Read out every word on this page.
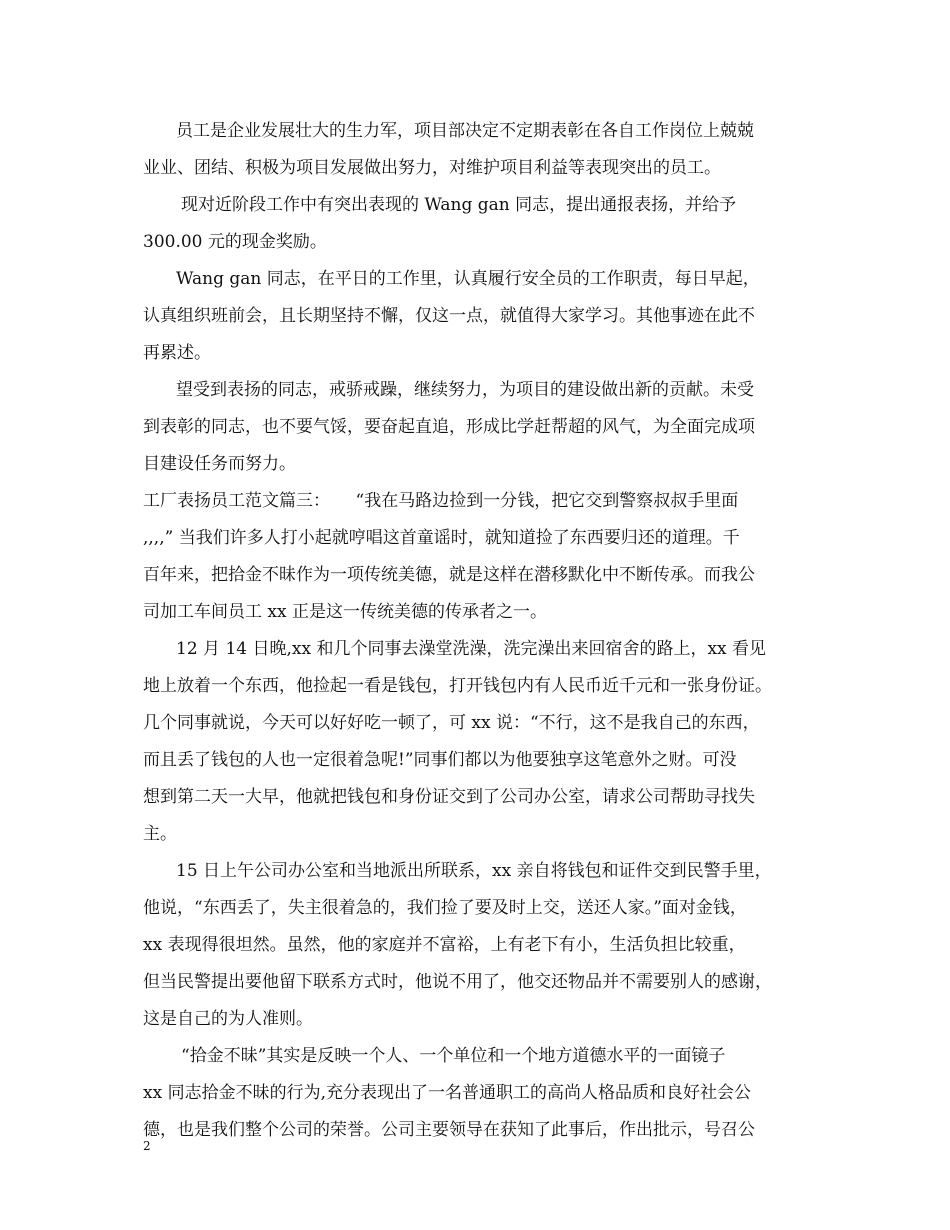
员工是企业发展壮大的生力军，项目部决定不定期表彰在各自工作岗位上兢兢
业业、团结、积极为项目发展做出努力，对维护项目利益等表现突出的员工。
现对近阶段工作中有突出表现的 Wang gan 同志，提出通报表扬，并给予
300.00 元的现金奖励。
Wang gan 同志，在平日的工作里，认真履行安全员的工作职责，每日早起，
认真组织班前会，且长期坚持不懈，仅这一点，就值得大家学习。其他事迹在此不
再累述。
望受到表扬的同志，戒骄戒躁，继续努力，为项目的建设做出新的贡献。未受
到表彰的同志，也不要气馁，要奋起直追，形成比学赶帮超的风气，为全面完成项
目建设任务而努力。
工厂表扬员工范文篇三：　　“我在马路边捡到一分钱，把它交到警察叔叔手里面
,,,,” 当我们许多人打小起就哼唱这首童谣时，就知道捡了东西要归还的道理。千
百年来，把拾金不昧作为一项传统美德，就是这样在潜移默化中不断传承。而我公
司加工车间员工 xx 正是这一传统美德的传承者之一。
12 月 14 日晚,xx 和几个同事去澡堂洗澡，洗完澡出来回宿舍的路上，xx 看见
地上放着一个东西，他捡起一看是钱包，打开钱包内有人民币近千元和一张身份证。
几个同事就说，今天可以好好吃一顿了，可 xx 说：“不行，这不是我自己的东西，
而且丢了钱包的人也一定很着急呢!”同事们都以为他要独享这笔意外之财。可没
想到第二天一大早，他就把钱包和身份证交到了公司办公室，请求公司帮助寻找失
主。
15 日上午公司办公室和当地派出所联系，xx 亲自将钱包和证件交到民警手里，
他说，“东西丢了，失主很着急的，我们捡了要及时上交，送还人家。”面对金钱，
xx 表现得很坦然。虽然，他的家庭并不富裕，上有老下有小，生活负担比较重，
但当民警提出要他留下联系方式时，他说不用了，他交还物品并不需要别人的感谢，
这是自己的为人准则。
“拾金不昧”其实是反映一个人、一个单位和一个地方道德水平的一面镜子
xx 同志拾金不昧的行为,充分表现出了一名普通职工的高尚人格品质和良好社会公
德，也是我们整个公司的荣誉。公司主要领导在获知了此事后，作出批示，号召公
2
